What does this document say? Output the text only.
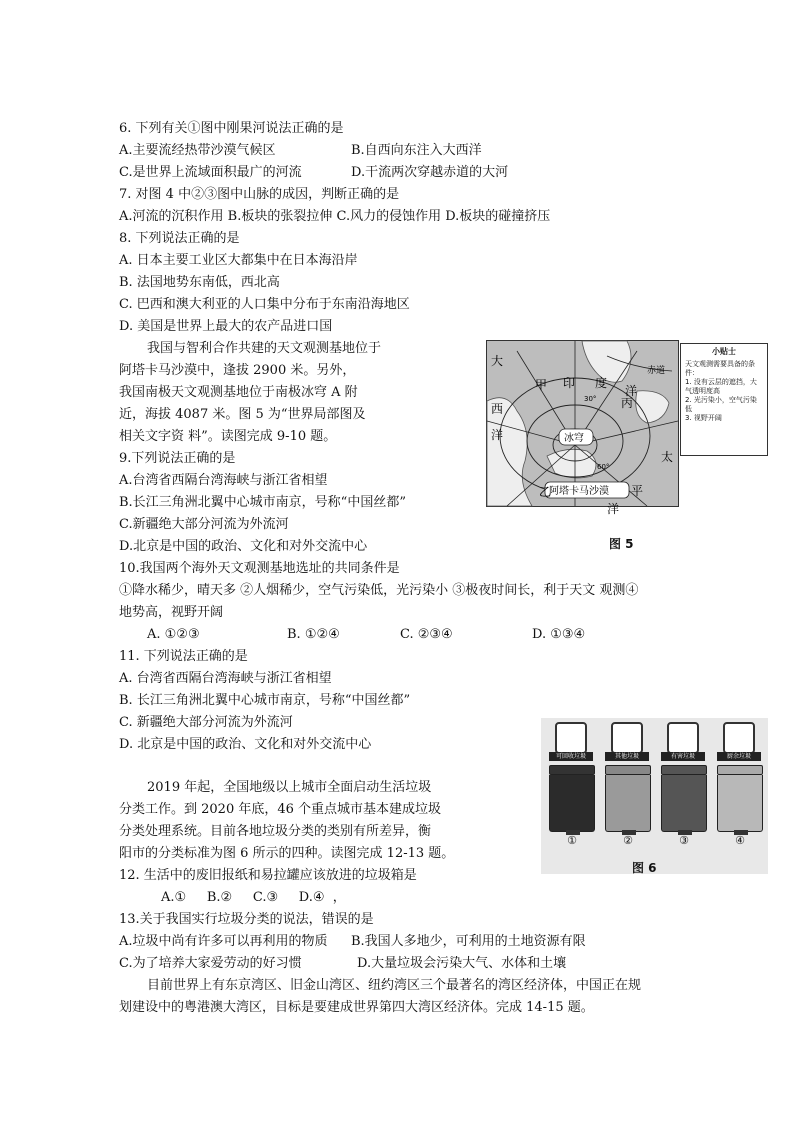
6. 下列有关①图中刚果河说法正确的是
A.主要流经热带沙漠气候区	B.自西向东注入大西洋
C.是世界上流域面积最广的河流	D.干流两次穿越赤道的大河
7. 对图 4 中②③图中山脉的成因，判断正确的是
A.河流的沉积作用 B.板块的张裂拉伸 C.风力的侵蚀作用 D.板块的碰撞挤压
8. 下列说法正确的是
A. 日本主要工业区大都集中在日本海沿岸
B. 法国地势东南低，西北高
C. 巴西和澳大利亚的人口集中分布于东南沿海地区
D. 美国是世界上最大的农产品进口国
我国与智利合作共建的天文观测基地位于
阿塔卡马沙漠中，逢拔 2900 米。另外，
我国南极天文观测基地位于南极冰穹 A 附
近，海拔 4087 米。图 5 为“世界局部图及
相关文字资 料”。读图完成 9-10 题。
9.下列说法正确的是
A.台湾省西隔台湾海峡与浙江省相望
B.长江三角洲北翼中心城市南京，号称“中国丝都”
C.新疆绝大部分河流为外流河
D.北京是中国的政治、文化和对外交流中心
10.我国两个海外天文观测基地选址的共同条件是
①降水稀少，晴天多 ②人烟稀少，空气污染低，光污染小 ③极夜时间长，利于天文 观测④
地势高，视野开阔
A. ①②③	B. ①②④	C. ②③④	D. ①③④
11. 下列说法正确的是
A. 台湾省西隔台湾海峡与浙江省相望
B. 长江三角洲北翼中心城市南京，号称“中国丝都”
C. 新疆绝大部分河流为外流河
D. 北京是中国的政治、文化和对外交流中心
2019 年起，全国地级以上城市全面启动生活垃圾
分类工作。到 2020 年底，46 个重点城市基本建成垃圾
分类处理系统。目前各地垃圾分类的类别有所差异，衡
阳市的分类标准为图 6 所示的四种。读图完成 12-13 题。
12. 生活中的废旧报纸和易拉罐应该放进的垃圾箱是
A.①     B.②     C.③     D.④  ，
13.关于我国实行垃圾分类的说法，错误的是
A.垃圾中尚有许多可以再利用的物质 B.我国人多地少，可利用的土地资源有限
C.为了培养大家爱劳动的好习惯	D.大量垃圾会污染大气、水体和土壤
目前世界上有东京湾区、旧金山湾区、纽约湾区三个最著名的湾区经济体，中国正在规
划建设中的粤港澳大湾区，目标是要建成世界第四大湾区经济体。完成 14-15 题。
大
西
洋
甲 印 度
洋
赤道
丙
太
乙	平
洋
30°
60°
冰穹
阿塔卡马沙漠
小贴士
天文观测需要具备的条件：
1. 没有云层的遮挡，大气透明度高
2. 光污染小，空气污染低
3. 视野开阔
图 5
可回收垃圾	其他垃圾	有害垃圾	厨余垃圾
①	②	③	④
图 6
